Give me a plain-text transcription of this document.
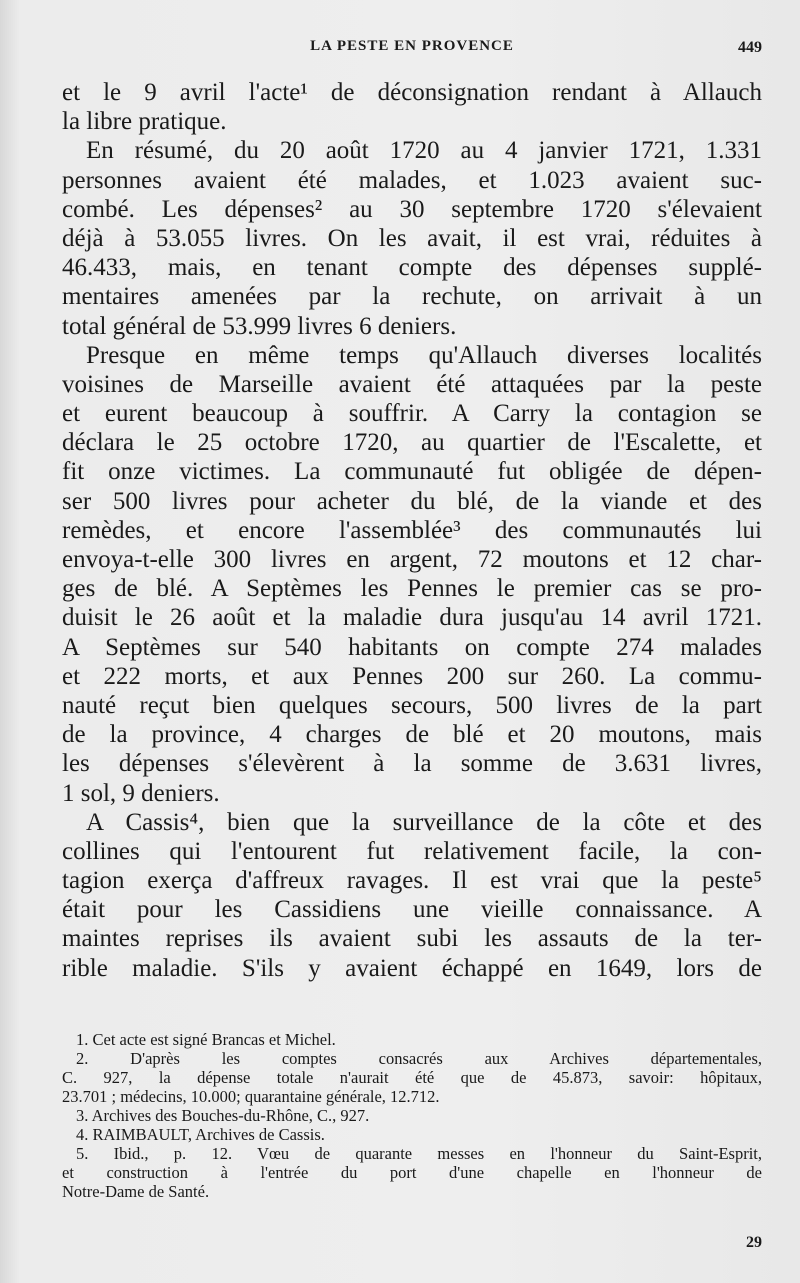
LA PESTE EN PROVENCE	449
et le 9 avril l'acte¹ de déconsignation rendant à Allauch
la libre pratique.
En résumé, du 20 août 1720 au 4 janvier 1721, 1.331
personnes avaient été malades, et 1.023 avaient suc-
combé. Les dépenses² au 30 septembre 1720 s'élevaient
déjà à 53.055 livres. On les avait, il est vrai, réduites à
46.433, mais, en tenant compte des dépenses supplé-
mentaires amenées par la rechute, on arrivait à un
total général de 53.999 livres 6 deniers.
Presque en même temps qu'Allauch diverses localités
voisines de Marseille avaient été attaquées par la peste
et eurent beaucoup à souffrir. A Carry la contagion se
déclara le 25 octobre 1720, au quartier de l'Escalette, et
fit onze victimes. La communauté fut obligée de dépen-
ser 500 livres pour acheter du blé, de la viande et des
remèdes, et encore l'assemblée³ des communautés lui
envoya-t-elle 300 livres en argent, 72 moutons et 12 char-
ges de blé. A Septèmes les Pennes le premier cas se pro-
duisit le 26 août et la maladie dura jusqu'au 14 avril 1721.
A Septèmes sur 540 habitants on compte 274 malades
et 222 morts, et aux Pennes 200 sur 260. La commu-
nauté reçut bien quelques secours, 500 livres de la part
de la province, 4 charges de blé et 20 moutons, mais
les dépenses s'élevèrent à la somme de 3.631 livres,
1 sol, 9 deniers.
A Cassis⁴, bien que la surveillance de la côte et des
collines qui l'entourent fut relativement facile, la con-
tagion exerça d'affreux ravages. Il est vrai que la peste⁵
était pour les Cassidiens une vieille connaissance. A
maintes reprises ils avaient subi les assauts de la ter-
rible maladie. S'ils y avaient échappé en 1649, lors de
1. Cet acte est signé Brancas et Michel.
2. D'après les comptes consacrés aux Archives départementales,
C. 927, la dépense totale n'aurait été que de 45.873, savoir: hôpitaux,
23.701 ; médecins, 10.000; quarantaine générale, 12.712.
3. Archives des Bouches-du-Rhône, C., 927.
4. RAIMBAULT, Archives de Cassis.
5. Ibid., p. 12. Vœu de quarante messes en l'honneur du Saint-Esprit,
et construction à l'entrée du port d'une chapelle en l'honneur de
Notre-Dame de Santé.
29
